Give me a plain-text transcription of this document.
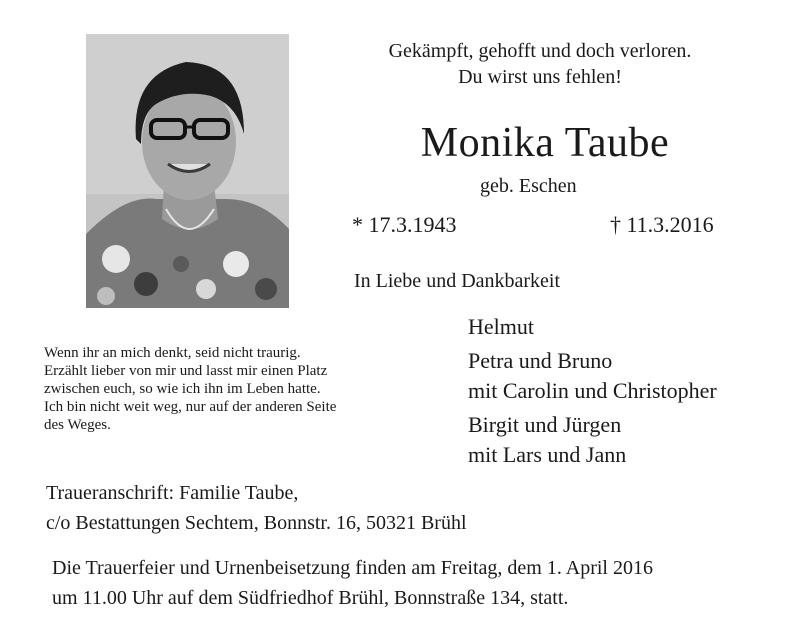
Gekämpft, gehofft und doch verloren.
Du wirst uns fehlen!
Monika Taube
geb. Eschen
* 17.3.1943	† 11.3.2016
In Liebe und Dankbarkeit
Helmut
Petra und Bruno
mit Carolin und Christopher
Birgit und Jürgen
mit Lars und Jann
Wenn ihr an mich denkt, seid nicht traurig.
Erzählt lieber von mir und lasst mir einen Platz
zwischen euch, so wie ich ihn im Leben hatte.
Ich bin nicht weit weg, nur auf der anderen Seite
des Weges.
Traueranschrift: Familie Taube,
c/o Bestattungen Sechtem, Bonnstr. 16, 50321 Brühl
Die Trauerfeier und Urnenbeisetzung finden am Freitag, dem 1. April 2016
um 11.00 Uhr auf dem Südfriedhof Brühl, Bonnstraße 134, statt.
